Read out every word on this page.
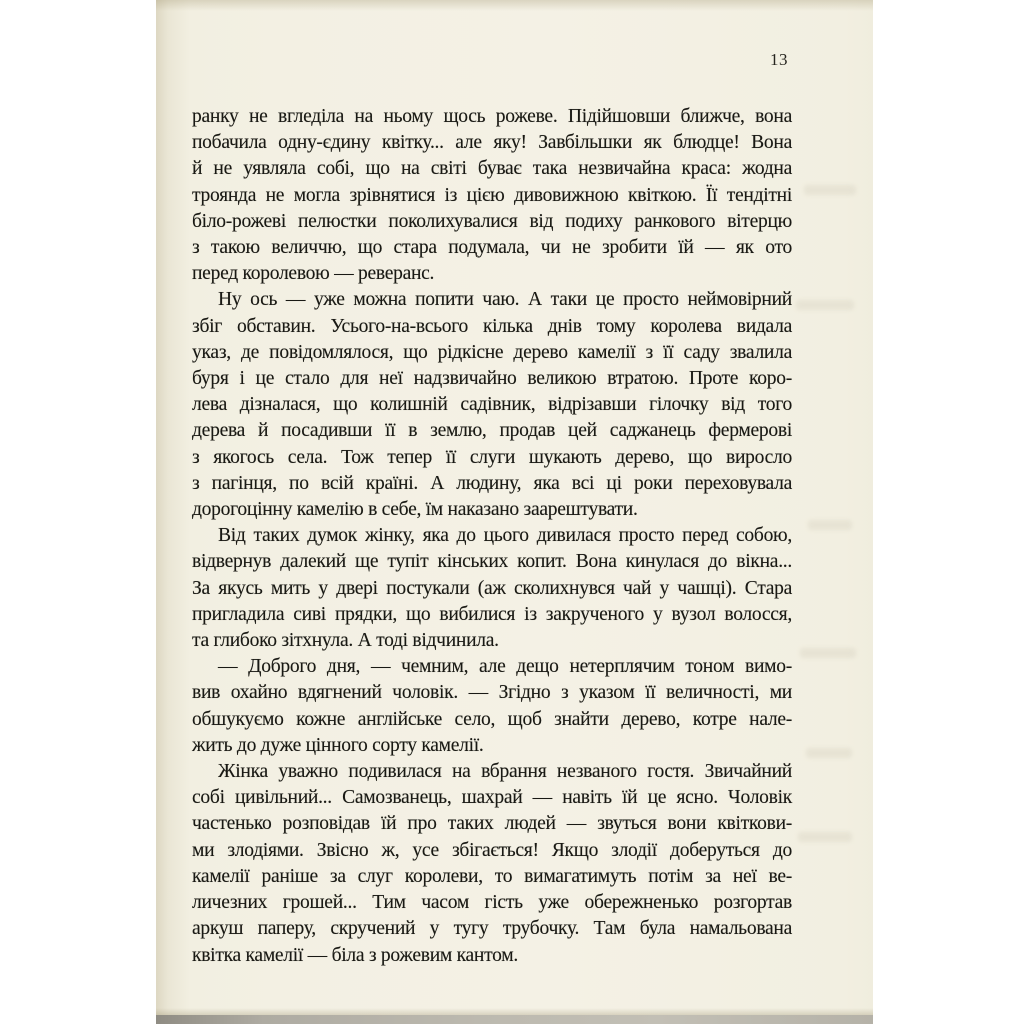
13
ранку не вгледіла на ньому щось рожеве. Підійшовши ближче, вона
побачила одну-єдину квітку... але яку! Завбільшки як блюдце! Вона
й не уявляла собі, що на світі буває така незвичайна краса: жодна
троянда не могла зрівнятися із цією дивовижною квіткою. Її тендітні
біло-рожеві пелюстки поколихувалися від подиху ранкового вітерцю
з такою величчю, що стара подумала, чи не зробити їй — як ото
перед королевою — реверанс.
Ну ось — уже можна попити чаю. А таки це просто неймовірний
збіг обставин. Усього-на-всього кілька днів тому королева видала
указ, де повідомлялося, що рідкісне дерево камелії з її саду звалила
буря і це стало для неї надзвичайно великою втратою. Проте коро-
лева дізналася, що колишній садівник, відрізавши гілочку від того
дерева й посадивши її в землю, продав цей саджанець фермерові
з якогось села. Тож тепер її слуги шукають дерево, що виросло
з пагінця, по всій країні. А людину, яка всі ці роки переховувала
дорогоцінну камелію в себе, їм наказано заарештувати.
Від таких думок жінку, яка до цього дивилася просто перед собою,
відвернув далекий ще тупіт кінських копит. Вона кинулася до вікна...
За якусь мить у двері постукали (аж сколихнувся чай у чашці). Стара
пригладила сиві прядки, що вибилися із закрученого у вузол волосся,
та глибоко зітхнула. А тоді відчинила.
— Доброго дня, — чемним, але дещо нетерплячим тоном вимо-
вив охайно вдягнений чоловік. — Згідно з указом її величності, ми
обшукуємо кожне англійське село, щоб знайти дерево, котре нале-
жить до дуже цінного сорту камелії.
Жінка уважно подивилася на вбрання незваного гостя. Звичайний
собі цивільний... Самозванець, шахрай — навіть їй це ясно. Чоловік
частенько розповідав їй про таких людей — звуться вони квіткови-
ми злодіями. Звісно ж, усе збігається! Якщо злодії доберуться до
камелії раніше за слуг королеви, то вимагатимуть потім за неї ве-
личезних грошей... Тим часом гість уже обережненько розгортав
аркуш паперу, скручений у тугу трубочку. Там була намальована
квітка камелії — біла з рожевим кантом.
